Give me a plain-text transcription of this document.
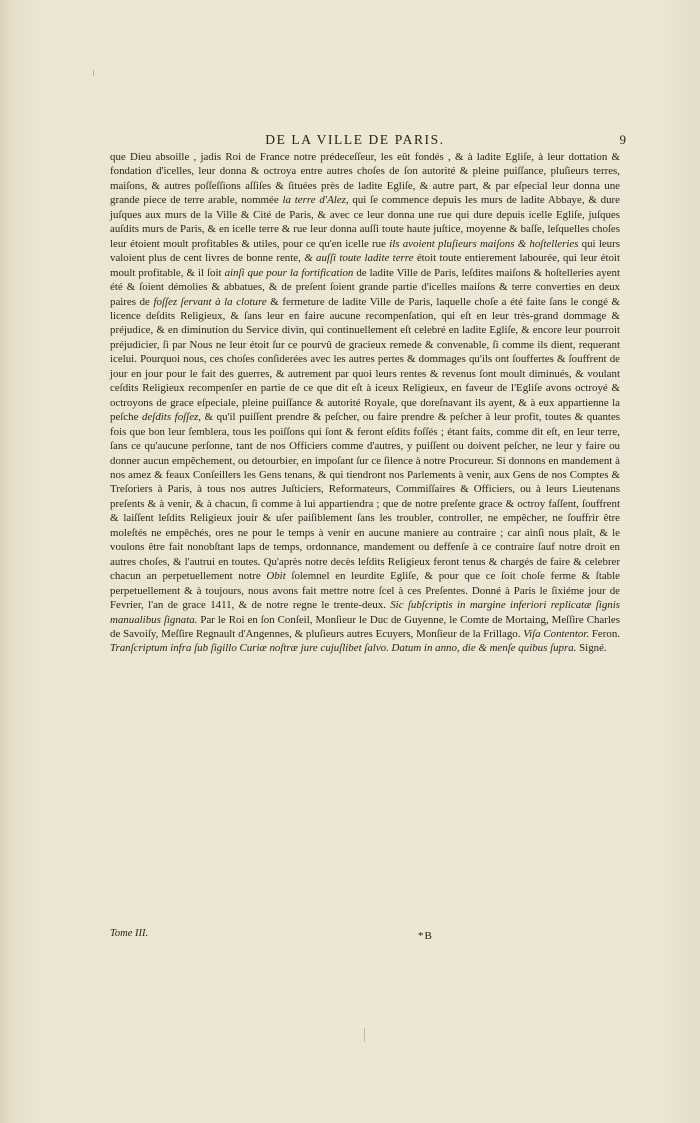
DE LA VILLE DE PARIS.	9

que Dieu absoille , jadis Roi de France notre prédeceſſeur, les eût fondés , & à ladite Egliſe, à leur dottation & fondation d'icelles, leur donna & octroya entre autres choſes de ſon autorité & pleine puiſſance, pluſieurs terres, maiſons, & autres poſſeſſions aſſiſes & ſituées près de ladite Egliſe, & autre part, & par eſpecial leur donna une grande piece de terre arable, nommée la terre d'Alez, qui ſe commence depuis les murs de ladite Abbaye, & dure juſques aux murs de la Ville & Cité de Paris, & avec ce leur donna une rue qui dure depuis icelle Egliſe, juſques auſdits murs de Paris, & en icelle terre & rue leur donna auſſi toute haute juſtice, moyenne & baſſe, leſquelles choſes leur étoient moult profitables & utiles, pour ce qu'en icelle rue ils avoient pluſieurs maiſons & hoſtelleries qui leurs valoient plus de cent livres de bonne rente, & auſſi toute ladite terre étoit toute entierement labourée, qui leur étoit moult profitable, & il ſoit ainſi que pour la fortification de ladite Ville de Paris, leſdites maiſons & hoſtelleries ayent été & ſoient démolies & abbatues, & de preſent ſoient grande partie d'icelles maiſons & terre converties en deux paires de foſſez ſervant à la cloture & fermeture de ladite Ville de Paris, laquelle choſe a été faite ſans le congé & licence deſdits Religieux, & ſans leur en faire aucune recompenſation, qui eſt en leur très-grand dommage & préjudice, & en diminution du Service divin, qui continuellement eſt celebré en ladite Egliſe, & encore leur pourroit préjudicier, ſi par Nous ne leur étoit ſur ce pourvû de gracieux remede & convenable, ſi comme ils dient, requerant icelui. Pourquoi nous, ces choſes conſiderées avec les autres pertes & dommages qu'ils ont ſouffertes & ſouffrent de jour en jour pour le fait des guerres, & autrement par quoi leurs rentes & revenus ſont moult diminués, & voulant ceſdits Religieux recompenſer en partie de ce que dit eſt à iceux Religieux, en faveur de l'Egliſe avons octroyé & octroyons de grace eſpeciale, pleine puiſſance & autorité Royale, que doreſnavant ils ayent, & à eux appartienne la peſche deſdits foſſez, & qu'il puiſſent prendre & peſcher, ou faire prendre & peſcher à leur profit, toutes & quantes fois que bon leur ſemblera, tous les poiſſons qui ſont & feront eſdits foſſés ; étant faits, comme dit eſt, en leur terre, ſans ce qu'aucune perſonne, tant de nos Officiers comme d'autres, y puiſſent ou doivent peſcher, ne leur y faire ou donner aucun empêchement, ou detourbier, en impoſant ſur ce ſilence à notre Procureur. Si donnons en mandement à nos amez & feaux Conſeillers les Gens tenans, & qui tiendront nos Parlements à venir, aux Gens de nos Comptes & Treſoriers à Paris, à tous nos autres Juſticiers, Reformateurs, Commiſſaires & Officiers, ou à leurs Lieutenans preſents & à venir, & à chacun, ſi comme à lui appartiendra ; que de notre preſente grace & octroy faſſent, ſouffrent & laiſſent leſdits Religieux jouir & uſer paiſiblement ſans les troubler, controller, ne empêcher, ne ſouffrir être moleſtés ne empêchés, ores ne pour le temps à venir en aucune maniere au contraire ; car ainſi nous plaît, & le voulons être fait nonobſtant laps de temps, ordonnance, mandement ou deffenſe à ce contraire ſauf notre droit en autres choſes, & l'autrui en toutes. Qu'après notre decès leſdits Religieux feront tenus & chargés de faire & celebrer chacun an perpetuellement notre Obit ſolemnel en leurdite Egliſe, & pour que ce ſoit choſe ferme & ſtable perpetuellement & à toujours, nous avons fait mettre notre ſcel à ces Preſentes. Donné à Paris le ſixiéme jour de Fevrier, l'an de grace 1411, & de notre regne le trente-deux. Sic ſubſcriptis in margine inferiori replicatæ ſignis manualibus ſignata. Par le Roi en ſon Conſeil, Monſieur le Duc de Guyenne, le Comte de Mortaing, Meſſire Charles de Savoiſy, Meſſire Regnault d'Angennes, & pluſieurs autres Ecuyers, Monſieur de la Frillago. Viſa Contentor. Feron. Tranſcriptum infra ſub ſigillo Curiæ noſtræ jure cujuſlibet ſalvo. Datum in anno, die & menſe quibus ſupra. Signé.

Tome III.	*B
